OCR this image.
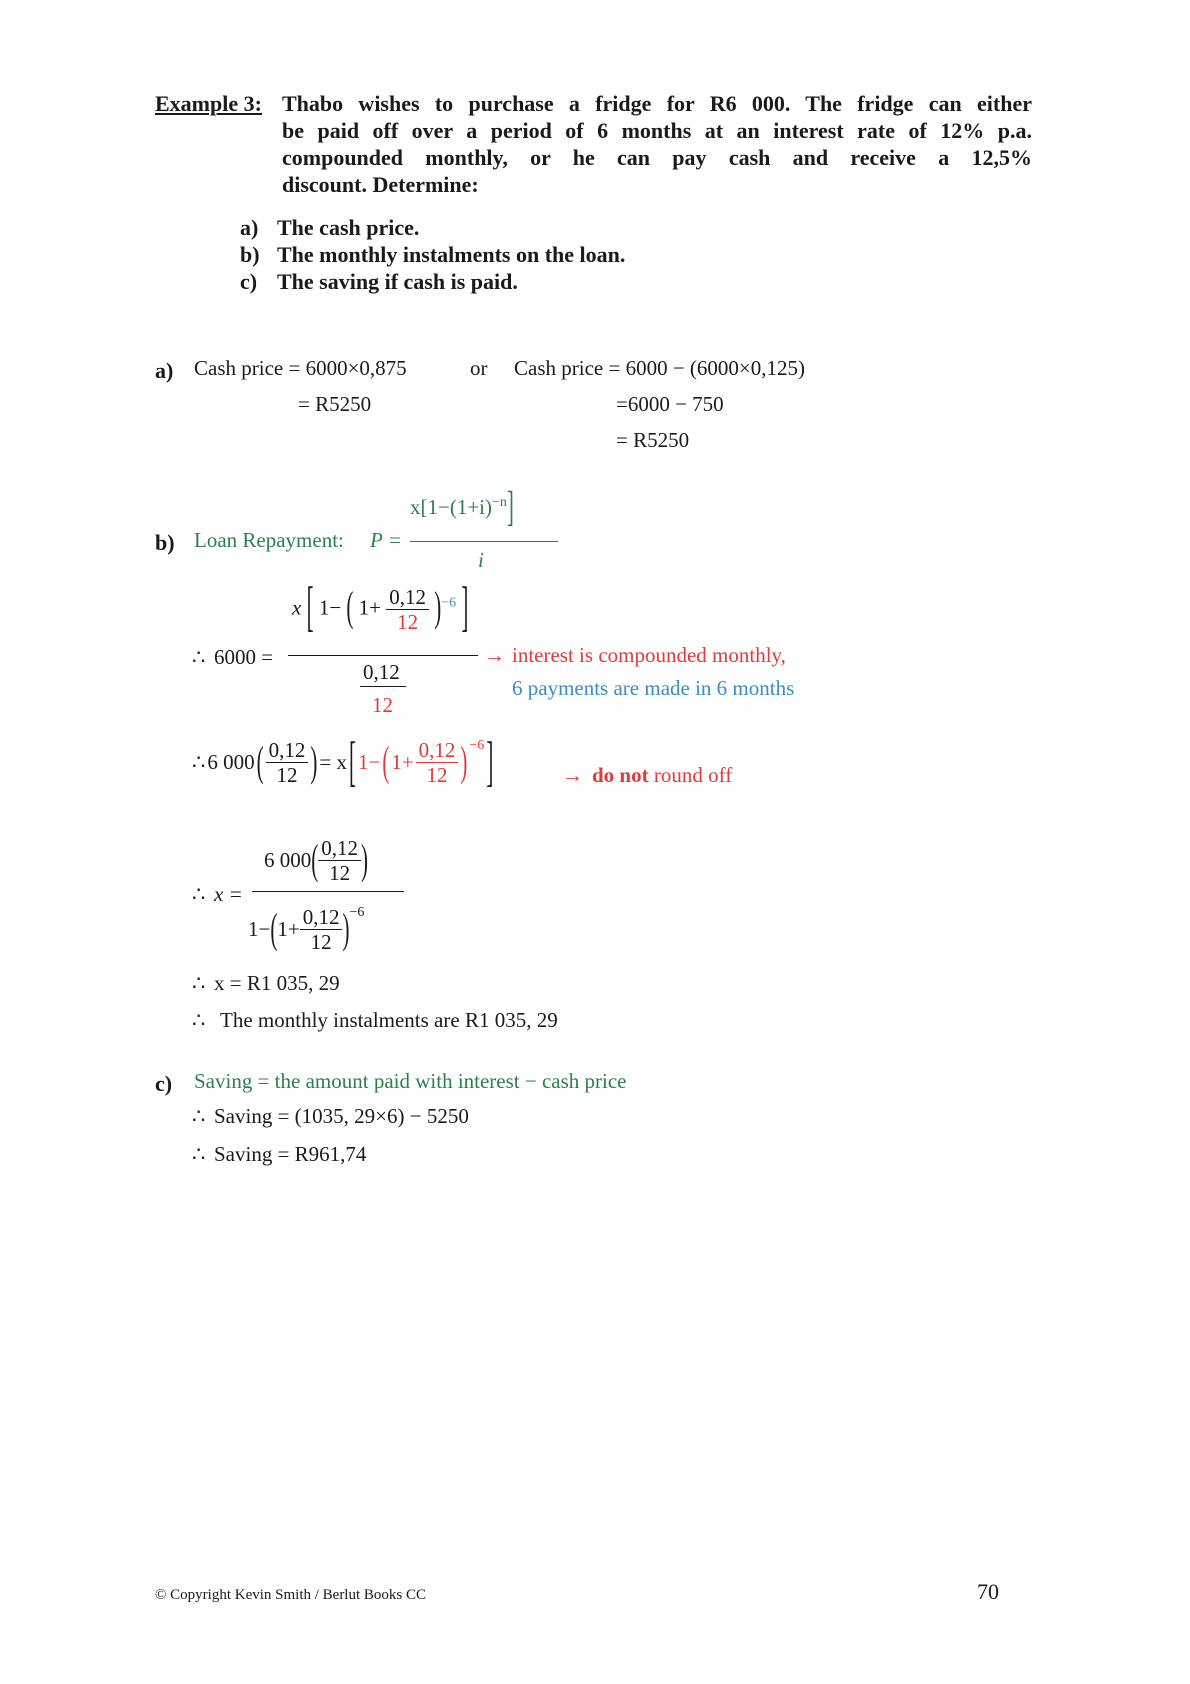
Example 3: Thabo wishes to purchase a fridge for R6 000. The fridge can either
be paid off over a period of 6 months at an interest rate of 12% p.a.
compounded monthly, or he can pay cash and receive a 12,5%
discount. Determine:
a) The cash price.
b) The monthly instalments on the loan.
c) The saving if cash is paid.
a) Cash price = 6000×0,875	or Cash price = 6000 − (6000×0,125)
= R5250	=6000 − 750
= R5250
b) Loan Repayment: P =
$x[1-(1+i)^{-n}]$
i
∴ 6000 =
x [ 1− ( $1+ \frac{0,12}{12} )^{-6}$ ]
0,12
12
→ interest is compounded monthly,
6 payments are made in 6 months
∴ 6 000 ( $\frac{0,12}{12}$ ) = x [ 1− ( $1+ \frac{0,12}{12} )^{-6}$ ]	→ do not round off
∴ x =
6 000 ( $\frac{0,12}{12}$ )
1− ( $1+ \frac{0,12}{12} )^{-6}$
∴ x = R1 035, 29
∴ The monthly instalments are R1 035, 29
c) Saving = the amount paid with interest − cash price
∴ Saving = (1035, 29×6) − 5250
∴ Saving = R961,74
© Copyright Kevin Smith / Berlut Books CC	70
